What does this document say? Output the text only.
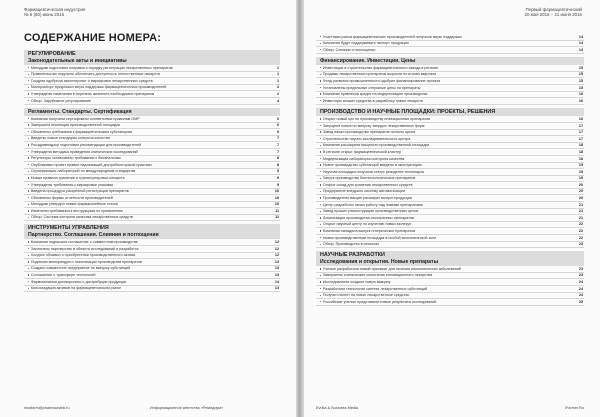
Фармацевтическая индустрия
№ 6 (60) июнь 2016
СОДЕРЖАНИЕ НОМЕРА:
РЕГУЛИРОВАНИЕ
Законодательные акты и инициативы
Минздрав подготовил поправки к порядку регистрации лекарственных препаратов	1
Правительство поручило обеспечить доступность отечественных лекарств	1
Госдума одобрила законопроект о маркировке лекарственных средств	1
Минпромторг предложил меры поддержки фармацевтических производителей	2
Утверждены изменения в перечень жизненно необходимых препаратов	2
Обзор: Зарубежное регулирование	4
Регламенты. Стандарты. Сертификация
Компании получили сертификаты соответствия правилам GMP	6
Завершена инспекция производственной площадки	6
Обновлены требования к фармацевтическим субстанциям	6
Введены новые стандарты контроля качества	7
Росздравнадзор подготовил рекомендации для производителей	7
Утверждена методика проведения клинических исследований	7
Регуляторы согласовали требования к биоаналогам	8
Опубликован проект правил надлежащей дистрибьюторской практики	8
Сертификация лабораторий по международным стандартам	9
Новые правила хранения и транспортировки лекарств	9
Утверждены требования к маркировке упаковки	9
Введена процедура ускоренной регистрации препаратов	10
Обновлены формы отчетности производителей	10
Минздрав утвердил новые фармакопейные статьи	10
Изменены требования к инструкциям по применению	11
Обзор: Система контроля качества лекарственных средств	11
ИНСТРУМЕНТЫ УПРАВЛЕНИЯ
Партнерство. Соглашения. Слияния и поглощения
Компании подписали соглашение о совместном производстве	12
Заключено партнерство в области исследований и разработок	12
Холдинг объявил о приобретении производственного актива	12
Подписан меморандум о локализации производства препаратов	13
Создано совместное предприятие по выпуску субстанций	13
Соглашение о трансфере технологий	13
Фармкомпании договорились о дистрибуции продукции	14
Консолидация активов на фармацевтическом рынке	14
mosfarm@pharmacistrik.ru	Информационное агентство «Ремедиум»
Первый фармацевтический
20 мая 2016 – 21 июня 2016
Участники рынка фармацевтических производителей получили меры поддержки	14
Компании будут поддерживать экспорт продукции	14
Обзор: Слияния и поглощения	14
Финансирование. Инвестиции. Цены
Инвестиции в строительство фармацевтического завода в регионе	15
Продажи лекарственных препаратов выросли по итогам квартала	15
Фонд развития промышленности одобрил финансирование проекта	15
Установлены предельные отпускные цены на препараты	15
Компания привлекла кредит на модернизацию производства	16
Инвесторы вложат средства в разработку новых лекарств	16
ПРОИЗВОДСТВО И НАУЧНЫЕ ПЛОЩАДКИ: ПРОЕКТЫ, РЕШЕНИЯ
Открыт новый цех по производству инъекционных препаратов	16
Запущена линия по выпуску твердых лекарственных форм	17
Завод начал производство препаратов полного цикла	17
Строительство научно-исследовательского центра	17
Компания расширила мощности производственной площадки	18
В регионе открыт фармацевтический кластер	18
Модернизация лаборатории контроля качества	18
Новое производство субстанций введено в эксплуатацию	19
Научная площадка получила статус резидента технопарка	19
Запуск производства биотехнологических препаратов	19
Открыт склад для хранения лекарственных средств	20
Предприятие внедрило систему автоматизации	20
Производитель вакцин расширил выпуск продукции	20
Центр разработок начал работу над новыми препаратами	21
Завод прошел реконструкцию производственных цехов	21
Локализация производства иностранных препаратов	21
Открыт научный центр по изучению новых молекул	22
Компания наладила выпуск генерических препаратов	22
Новая производственная площадка в особой экономической зоне	22
Обзор: Производство в регионах	23
НАУЧНЫЕ РАЗРАБОТКИ
Исследования и открытия. Новые препараты
Ученые разработали новый препарат для лечения онкологических заболеваний	23
Завершены клинические испытания инновационного лекарства	23
Исследователи создали новую вакцину	24
Разработана технология синтеза лекарственных субстанций	24
Получен патент на новое лекарственное средство	24
Российские ученые представили новые результаты исследований	25
Evrika & Business Media	iFarmer.Ru
